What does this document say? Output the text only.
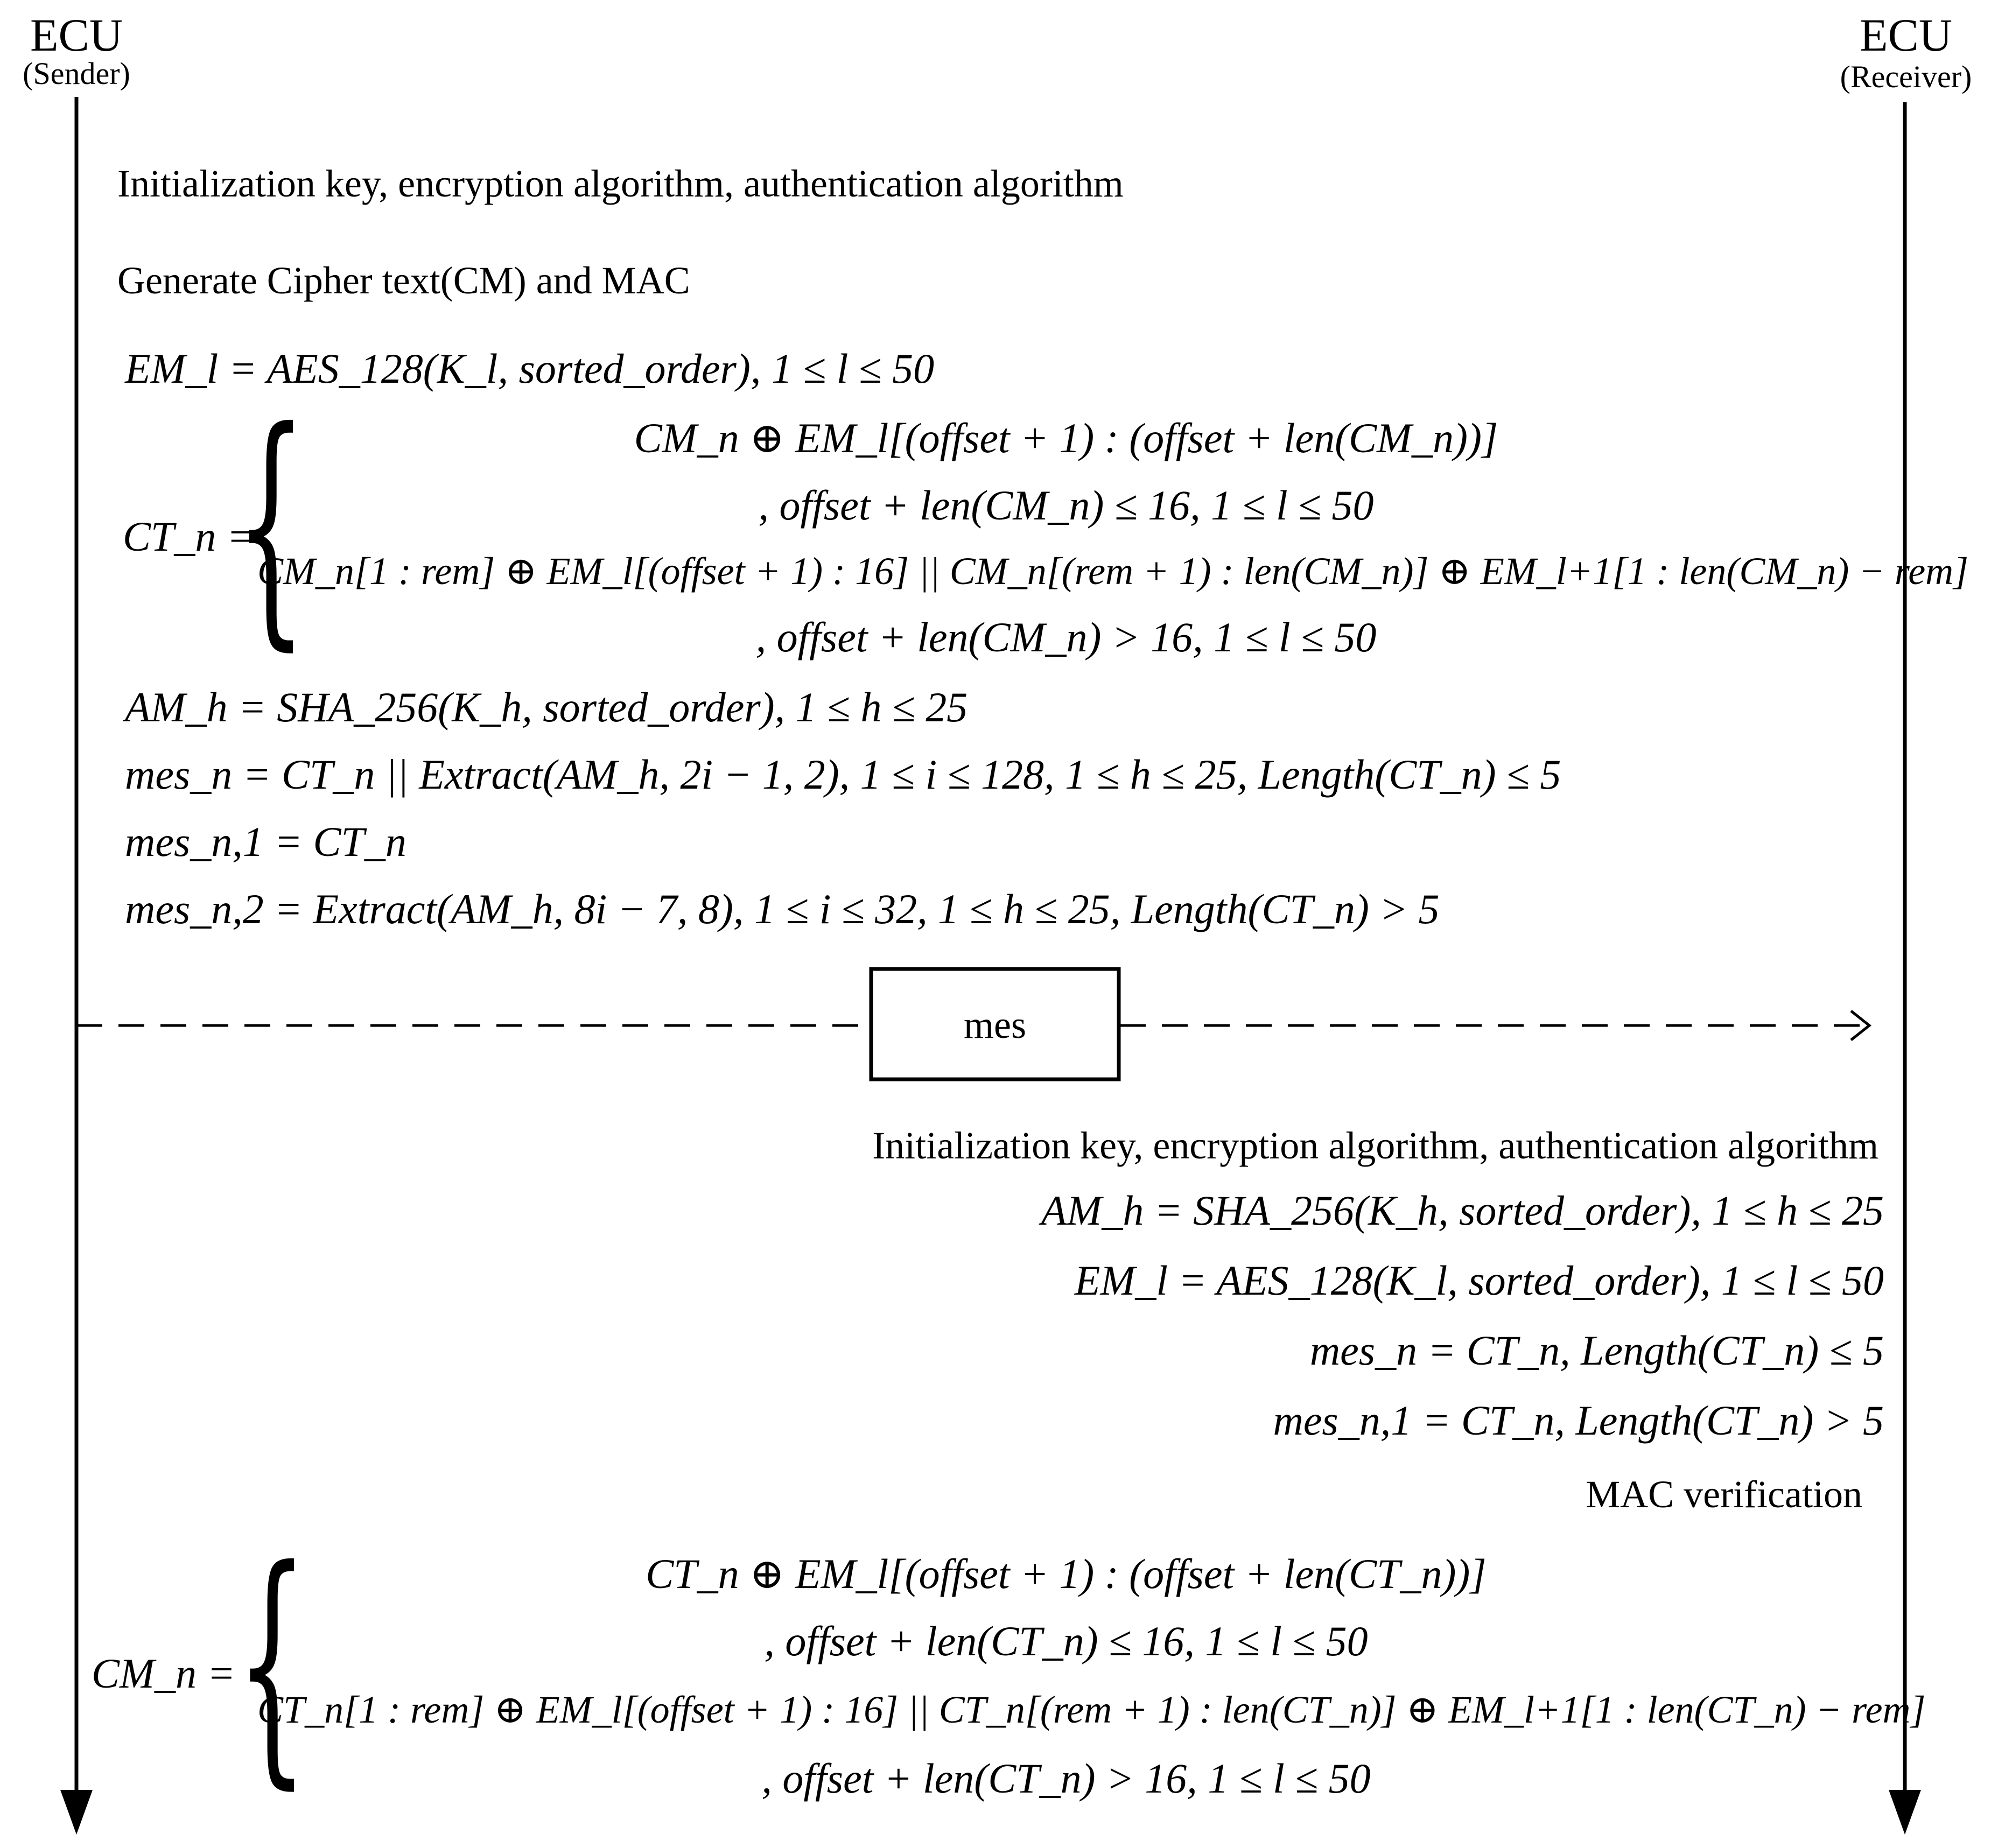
ECU
(Sender)
ECU
(Receiver)
mes
Initialization key, encryption algorithm, authentication algorithm
Generate Cipher text(CM) and MAC
EM_l = AES_128(K_l, sorted_order), 1 ≤ l ≤ 50
CT_n =
{	CM_n ⊕ EM_l[(offset + 1) : (offset + len(CM_n))]
, offset + len(CM_n) ≤ 16, 1 ≤ l ≤ 50
CM_n[1 : rem] ⊕ EM_l[(offset + 1) : 16] || CM_n[(rem + 1) : len(CM_n)] ⊕ EM_l+1[1 : len(CM_n) − rem]
, offset + len(CM_n) > 16, 1 ≤ l ≤ 50
AM_h = SHA_256(K_h, sorted_order), 1 ≤ h ≤ 25
mes_n = CT_n || Extract(AM_h, 2i − 1, 2), 1 ≤ i ≤ 128, 1 ≤ h ≤ 25, Length(CT_n) ≤ 5
mes_n,1 = CT_n
mes_n,2 = Extract(AM_h, 8i − 7, 8), 1 ≤ i ≤ 32, 1 ≤ h ≤ 25, Length(CT_n) > 5
Initialization key, encryption algorithm, authentication algorithm
AM_h = SHA_256(K_h, sorted_order), 1 ≤ h ≤ 25
EM_l = AES_128(K_l, sorted_order), 1 ≤ l ≤ 50
mes_n = CT_n, Length(CT_n) ≤ 5
mes_n,1 = CT_n, Length(CT_n) > 5
MAC verification
CM_n = {	CT_n ⊕ EM_l[(offset + 1) : (offset + len(CT_n))]
, offset + len(CT_n) ≤ 16, 1 ≤ l ≤ 50
CT_n[1 : rem] ⊕ EM_l[(offset + 1) : 16] || CT_n[(rem + 1) : len(CT_n)] ⊕ EM_l+1[1 : len(CT_n) − rem]
, offset + len(CT_n) > 16, 1 ≤ l ≤ 50
